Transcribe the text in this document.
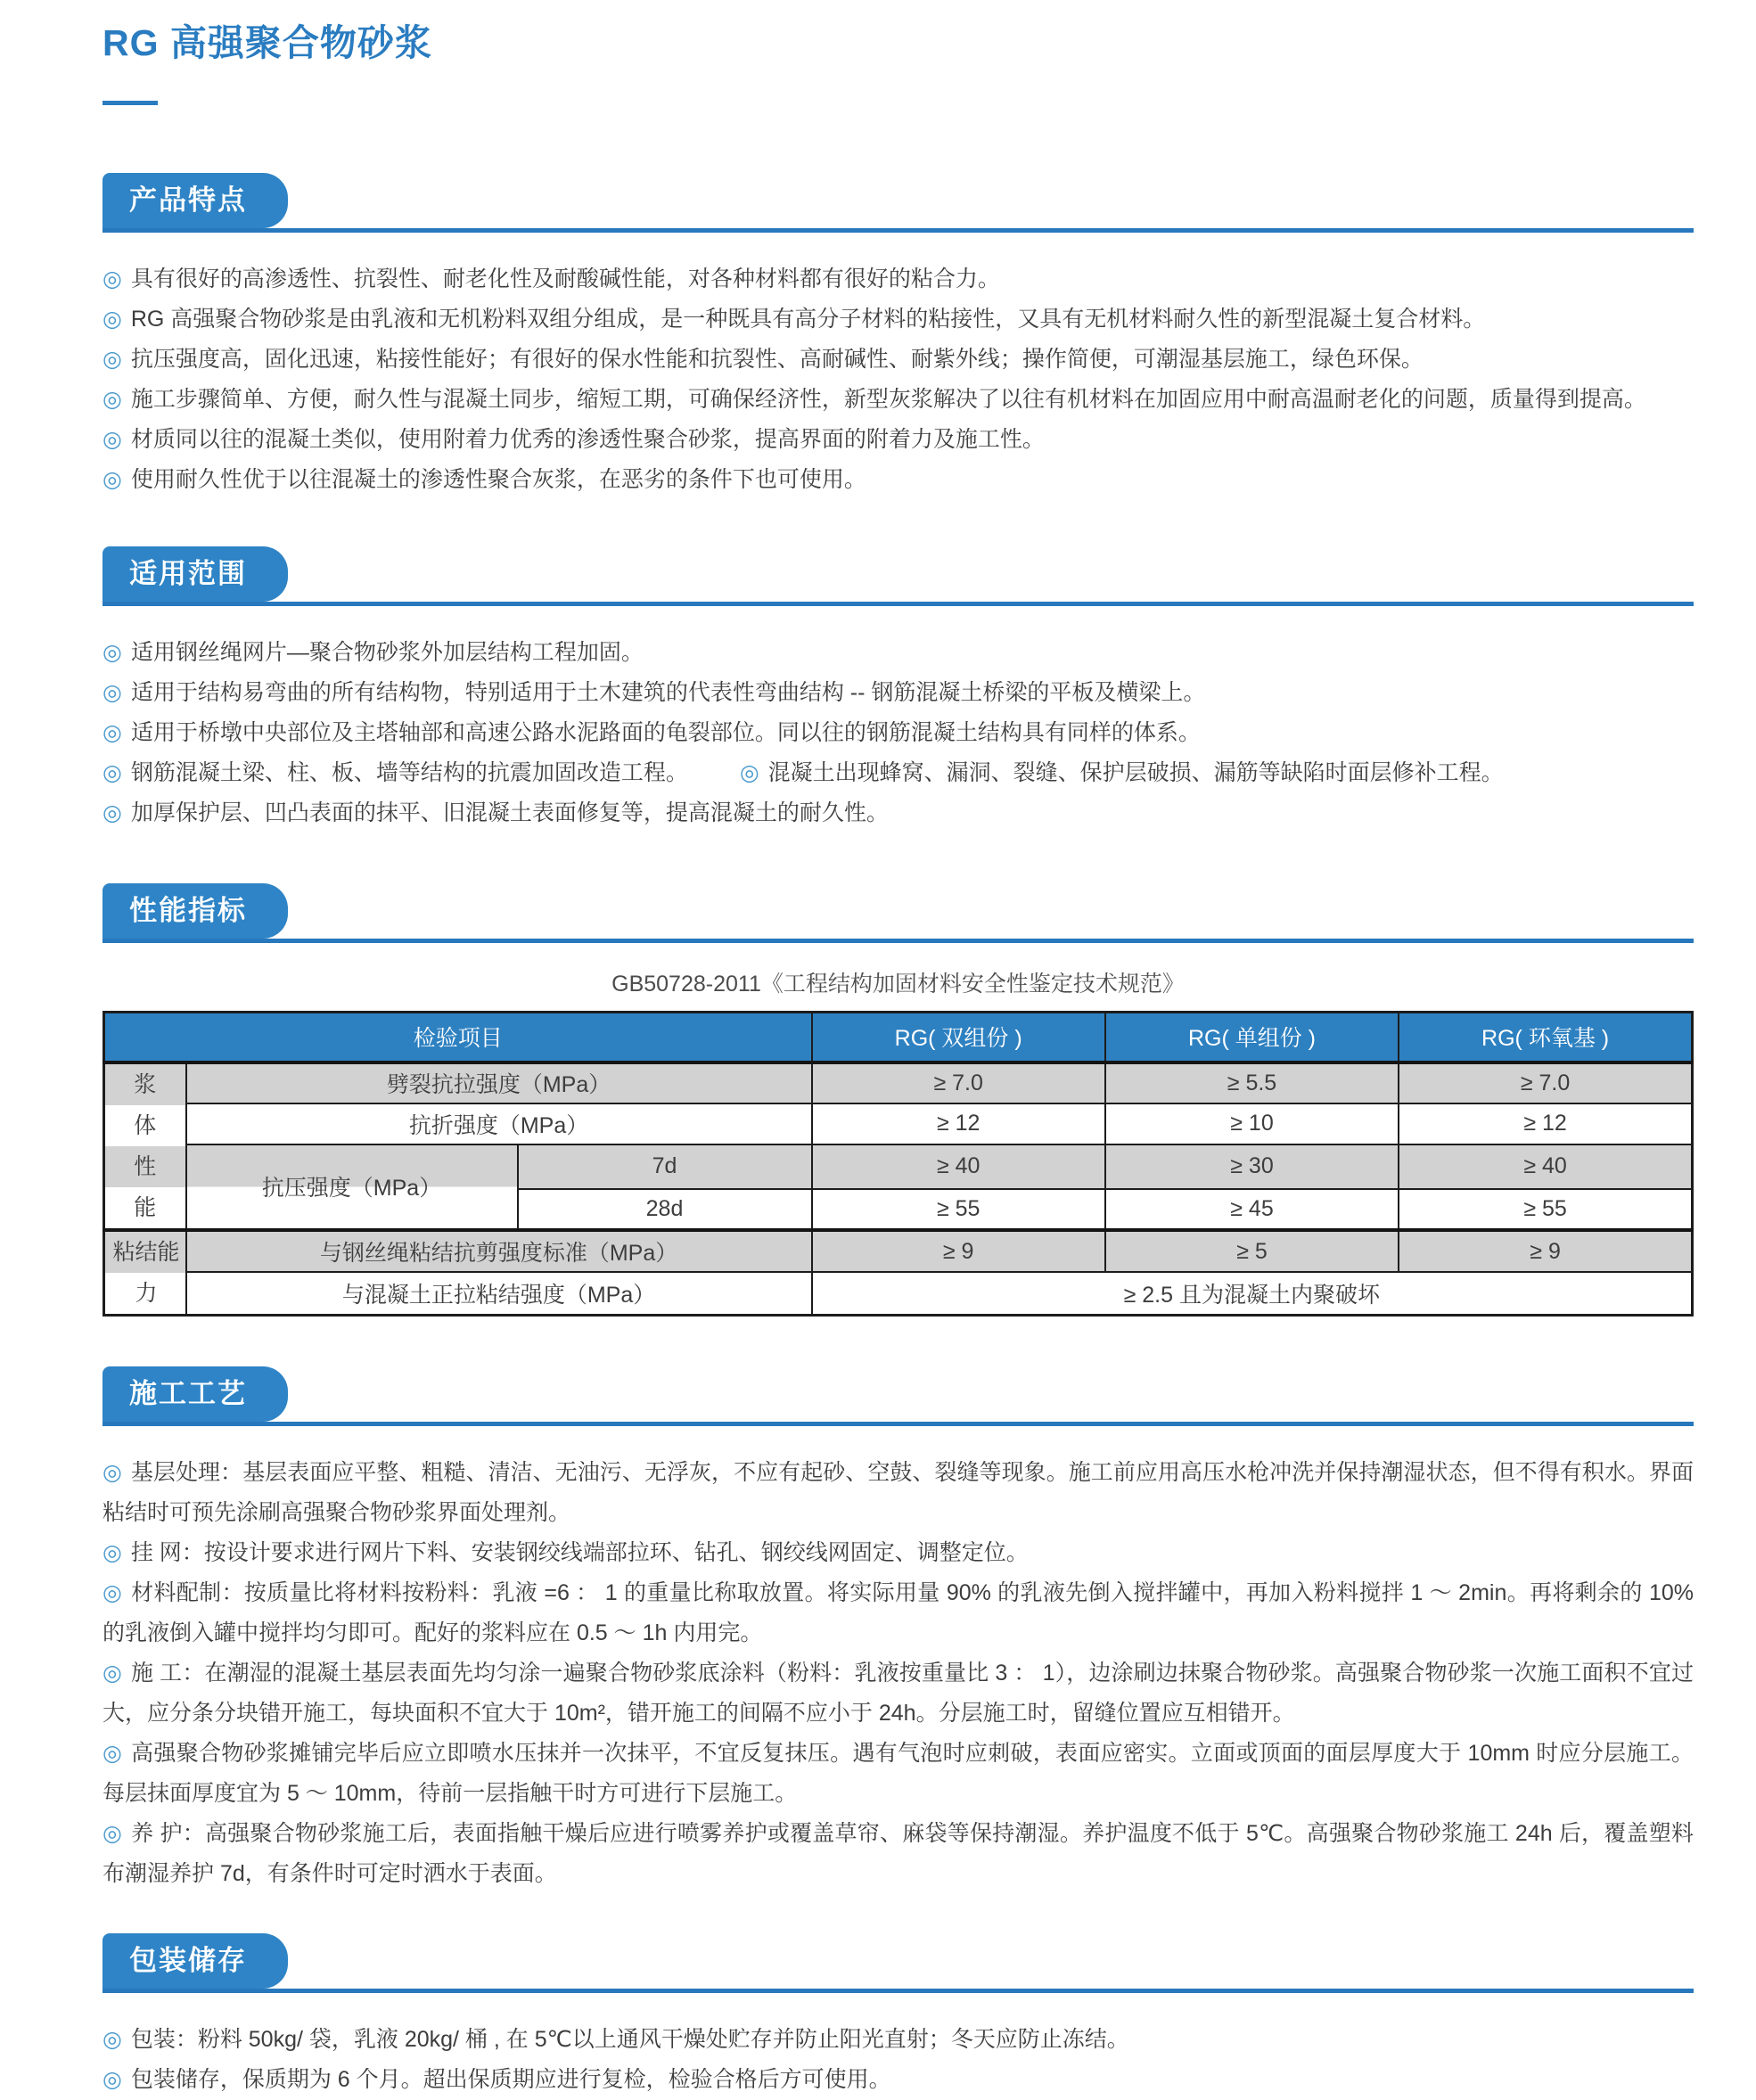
RG 高强聚合物砂浆
产品特点

◎ 具有很好的高渗透性、抗裂性、耐老化性及耐酸碱性能，对各种材料都有很好的粘合力。

◎ RG 高强聚合物砂浆是由乳液和无机粉料双组分组成，是一种既具有高分子材料的粘接性，又具有无机材料耐久性的新型混凝土复合材料。

◎ 抗压强度高，固化迅速，粘接性能好；有很好的保水性能和抗裂性、高耐碱性、耐紫外线；操作简便，可潮湿基层施工，绿色环保。

◎ 施工步骤简单、方便，耐久性与混凝土同步，缩短工期，可确保经济性，新型灰浆解决了以往有机材料在加固应用中耐高温耐老化的问题，质量得到提高。

◎ 材质同以往的混凝土类似，使用附着力优秀的渗透性聚合砂浆，提高界面的附着力及施工性。

◎ 使用耐久性优于以往混凝土的渗透性聚合灰浆，在恶劣的条件下也可使用。

适用范围

◎ 适用钢丝绳网片—聚合物砂浆外加层结构工程加固。

◎ 适用于结构易弯曲的所有结构物，特别适用于土木建筑的代表性弯曲结构 -- 钢筋混凝土桥梁的平板及横梁上。

◎ 适用于桥墩中央部位及主塔轴部和高速公路水泥路面的龟裂部位。同以往的钢筋混凝土结构具有同样的体系。

◎ 钢筋混凝土梁、柱、板、墙等结构的抗震加固改造工程。 ◎ 混凝土出现蜂窝、漏洞、裂缝、保护层破损、漏筋等缺陷时面层修补工程。

◎ 加厚保护层、凹凸表面的抹平、旧混凝土表面修复等，提高混凝土的耐久性。

性能指标
GB50728-2011《工程结构加固材料安全性鉴定技术规范》
检验项目			RG( 双组份 )	RG( 单组份 )	RG( 环氧基 )

浆体性能	劈裂抗拉强度（MPa）		≥ 7.0	≥ 5.5	≥ 7.0
	抗折强度（MPa）		≥ 12	≥ 10	≥ 12
	抗压强度（MPa）	7d	≥ 40	≥ 30	≥ 40
		28d	≥ 55	≥ 45	≥ 55

粘结能力	与钢丝绳粘结抗剪强度标准（MPa）		≥ 9	≥ 5	≥ 9
	与混凝土正拉粘结强度（MPa）		≥ 2.5 且为混凝土内聚破坏		
施工工艺

◎ 基层处理：基层表面应平整、粗糙、清洁、无油污、无浮灰，不应有起砂、空鼓、裂缝等现象。施工前应用高压水枪冲洗并保持潮湿状态，但不得有积水。界面粘结时可预先涂刷高强聚合物砂浆界面处理剂。

◎ 挂 网：按设计要求进行网片下料、安装钢绞线端部拉环、钻孔、钢绞线网固定、调整定位。

◎ 材料配制：按质量比将材料按粉料：乳液 =6 ： 1 的重量比称取放置。将实际用量 90% 的乳液先倒入搅拌罐中，再加入粉料搅拌 1 ～ 2min。再将剩余的 10% 的乳液倒入罐中搅拌均匀即可。配好的浆料应在 0.5 ～ 1h 内用完。

◎ 施 工：在潮湿的混凝土基层表面先均匀涂一遍聚合物砂浆底涂料（粉料：乳液按重量比 3 ： 1），边涂刷边抹聚合物砂浆。高强聚合物砂浆一次施工面积不宜过大，应分条分块错开施工，每块面积不宜大于 10m²，错开施工的间隔不应小于 24h。分层施工时，留缝位置应互相错开。

◎ 高强聚合物砂浆摊铺完毕后应立即喷水压抹并一次抹平，不宜反复抹压。遇有气泡时应刺破，表面应密实。立面或顶面的面层厚度大于 10mm 时应分层施工。每层抹面厚度宜为 5 ～ 10mm，待前一层指触干时方可进行下层施工。

◎ 养 护：高强聚合物砂浆施工后，表面指触干燥后应进行喷雾养护或覆盖草帘、麻袋等保持潮湿。养护温度不低于 5℃。高强聚合物砂浆施工 24h 后，覆盖塑料布潮湿养护 7d，有条件时可定时洒水于表面。

包装储存

◎ 包装：粉料 50kg/ 袋，乳液 20kg/ 桶 , 在 5℃以上通风干燥处贮存并防止阳光直射；冬天应防止冻结。

◎ 包装储存，保质期为 6 个月。超出保质期应进行复检，检验合格后方可使用。
